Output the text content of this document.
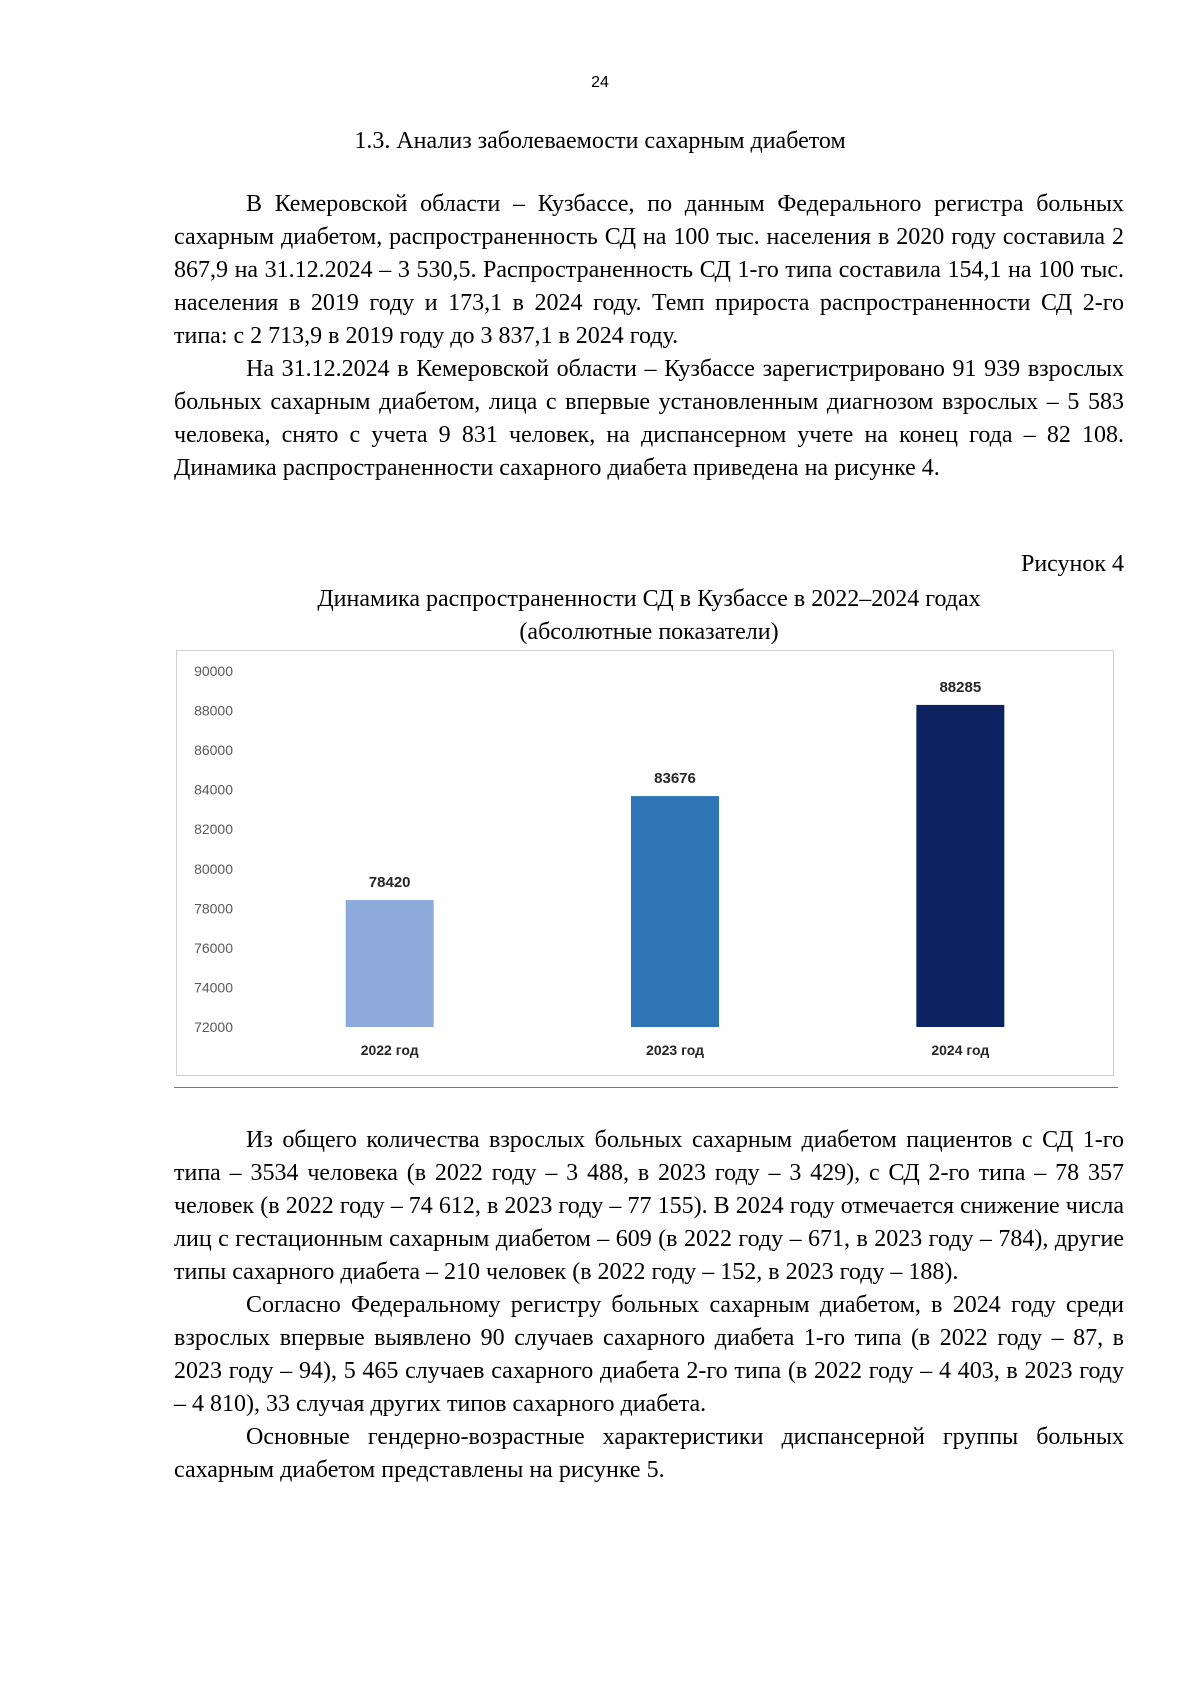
24
1.3. Анализ заболеваемости сахарным диабетом

В Кемеровской области – Кузбассе, по данным Федерального регистра больных сахарным диабетом, распространенность СД на 100 тыс. населения в 2020 году составила 2 867,9 на 31.12.2024 – 3 530,5. Распространенность СД 1-го типа составила 154,1 на 100 тыс. населения в 2019 году и 173,1 в 2024 году. Темп прироста распространенности СД 2-го типа: с 2 713,9 в 2019 году до 3 837,1 в 2024 году.

На 31.12.2024 в Кемеровской области – Кузбассе зарегистрировано 91 939 взрослых больных сахарным диабетом, лица с впервые установленным диагнозом взрослых – 5 583 человека, снято с учета 9 831 человек, на диспансерном учете на конец года – 82 108. Динамика распространенности сахарного диабета приведена на рисунке 4.

Рисунок 4
Динамика распространенности СД в Кузбассе в 2022–2024 годах
(абсолютные показатели)
72000
74000
76000
78000
80000
82000
84000
86000
88000
90000
78420
2022 год
83676
2023 год
88285
2024 год

Из общего количества взрослых больных сахарным диабетом пациентов с СД 1-го типа – 3534 человека (в 2022 году – 3 488, в 2023 году – 3 429), с СД 2-го типа – 78 357 человек (в 2022 году – 74 612, в 2023 году – 77 155). В 2024 году отмечается снижение числа лиц с гестационным сахарным диабетом – 609 (в 2022 году – 671, в 2023 году – 784), другие типы сахарного диабета – 210 человек (в 2022 году – 152, в 2023 году – 188).

Согласно Федеральному регистру больных сахарным диабетом, в 2024 году среди взрослых впервые выявлено 90 случаев сахарного диабета 1-го типа (в 2022 году – 87, в 2023 году – 94), 5 465 случаев сахарного диабета 2-го типа (в 2022 году – 4 403, в 2023 году – 4 810), 33 случая других типов сахарного диабета.

Основные гендерно-возрастные характеристики диспансерной группы больных сахарным диабетом представлены на рисунке 5.
